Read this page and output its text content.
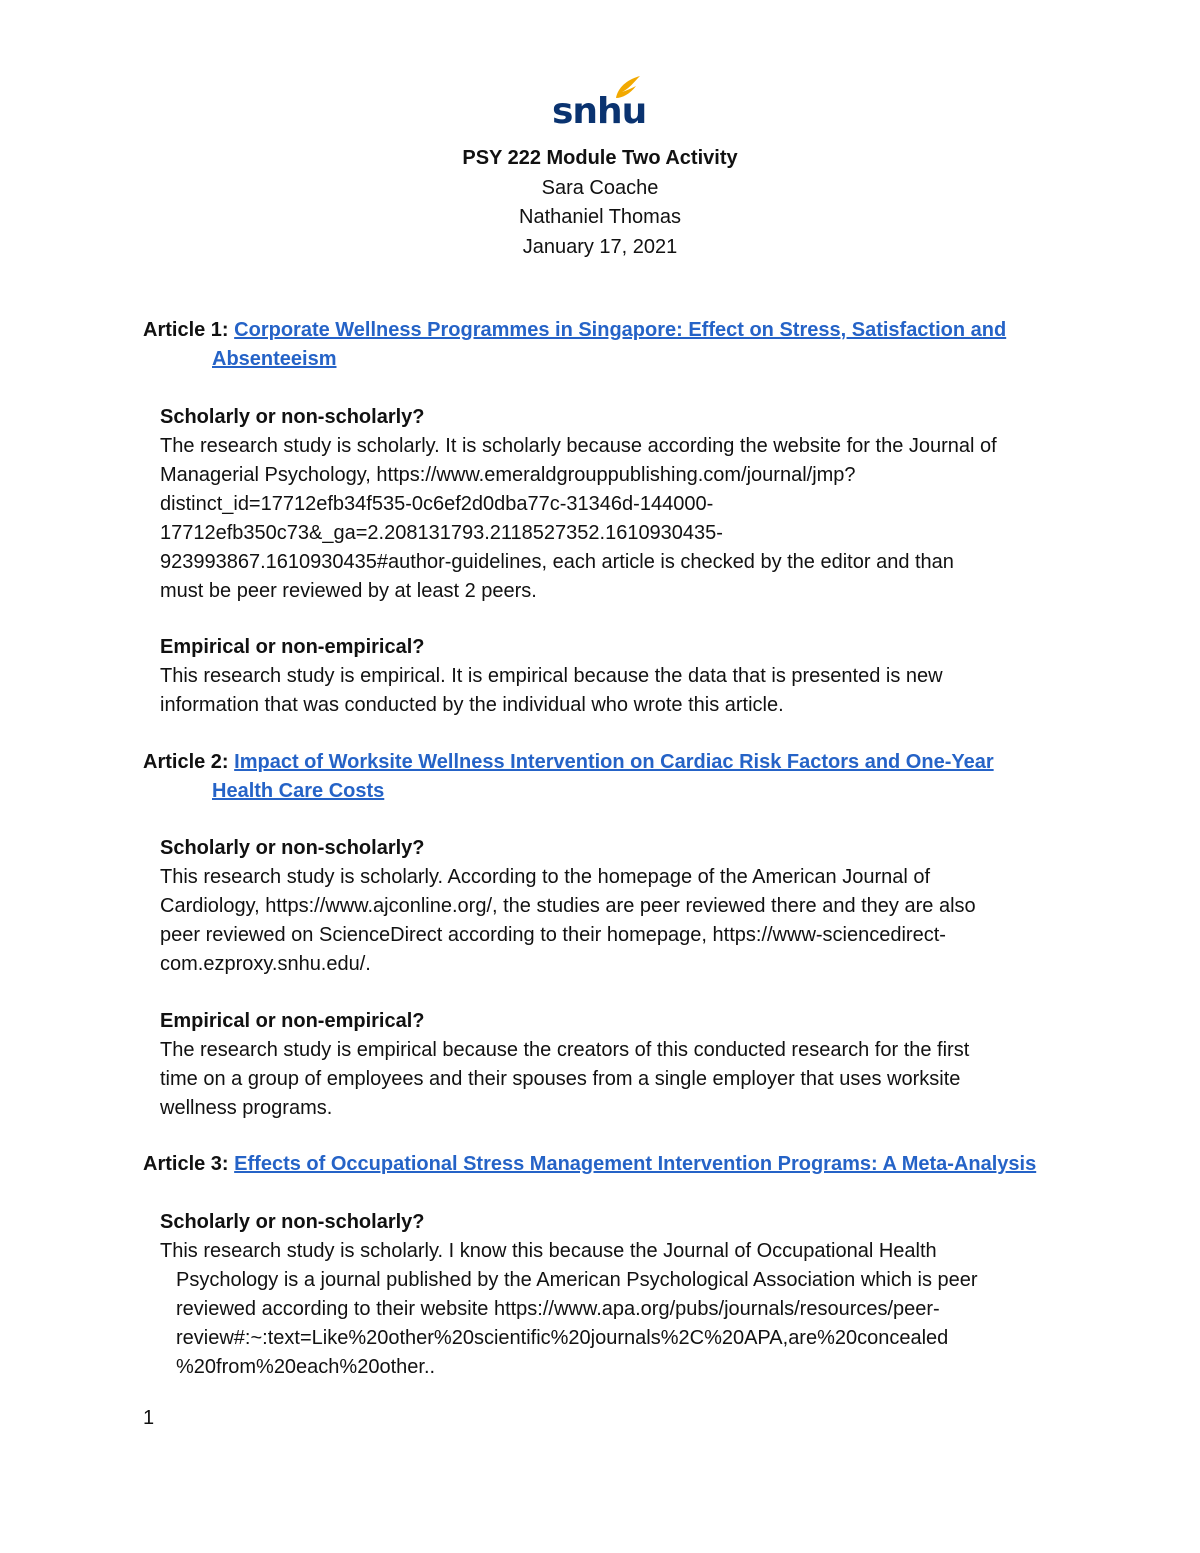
snhu
PSY 222 Module Two Activity
Sara Coache
Nathaniel Thomas
January 17, 2021
Article 1: Corporate Wellness Programmes in Singapore: Effect on Stress, Satisfaction and
Absenteeism
Scholarly or non-scholarly?
The research study is scholarly. It is scholarly because according the website for the Journal of
Managerial Psychology, https://www.emeraldgrouppublishing.com/journal/jmp?
distinct_id=17712efb34f535-0c6ef2d0dba77c-31346d-144000-
17712efb350c73&_ga=2.208131793.2118527352.1610930435-
923993867.1610930435#author-guidelines, each article is checked by the editor and than
must be peer reviewed by at least 2 peers.
Empirical or non-empirical?
This research study is empirical. It is empirical because the data that is presented is new
information that was conducted by the individual who wrote this article.
Article 2: Impact of Worksite Wellness Intervention on Cardiac Risk Factors and One-Year
Health Care Costs
Scholarly or non-scholarly?
This research study is scholarly. According to the homepage of the American Journal of
Cardiology, https://www.ajconline.org/, the studies are peer reviewed there and they are also
peer reviewed on ScienceDirect according to their homepage, https://www-sciencedirect-
com.ezproxy.snhu.edu/.
Empirical or non-empirical?
The research study is empirical because the creators of this conducted research for the first
time on a group of employees and their spouses from a single employer that uses worksite
wellness programs.
Article 3: Effects of Occupational Stress Management Intervention Programs: A Meta-Analysis
Scholarly or non-scholarly?
This research study is scholarly. I know this because the Journal of Occupational Health
Psychology is a journal published by the American Psychological Association which is peer
reviewed according to their website https://www.apa.org/pubs/journals/resources/peer-
review#:~:text=Like%20other%20scientific%20journals%2C%20APA,are%20concealed
%20from%20each%20other..
1
